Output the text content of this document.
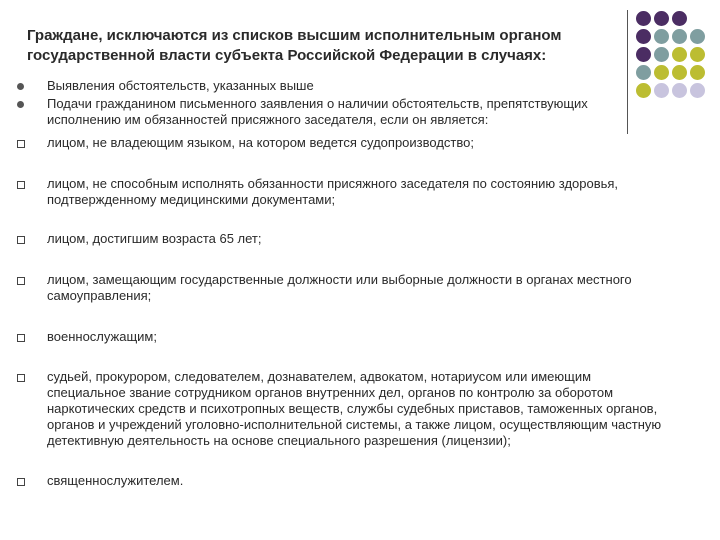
Граждане, исключаются из списков высшим исполнительным органом государственной власти субъекта Российской Федерации в случаях:
Выявления обстоятельств, указанных выше
Подачи гражданином письменного заявления о наличии обстоятельств, препятствующих исполнению им обязанностей присяжного заседателя, если он является:
лицом, не владеющим языком, на котором ведется судопроизводство;
лицом, не способным исполнять обязанности присяжного заседателя по состоянию здоровья, подтвержденному медицинскими документами;
лицом, достигшим возраста 65 лет;
лицом, замещающим государственные должности или выборные должности в органах местного самоуправления;
военнослужащим;
судьей, прокурором, следователем, дознавателем, адвокатом, нотариусом или имеющим специальное звание сотрудником органов внутренних дел, органов по контролю за оборотом наркотических средств и психотропных веществ, службы судебных приставов, таможенных органов, органов и учреждений уголовно-исполнительной системы, а также лицом, осуществляющим частную детективную деятельность на основе специального разрешения (лицензии);
священнослужителем.
